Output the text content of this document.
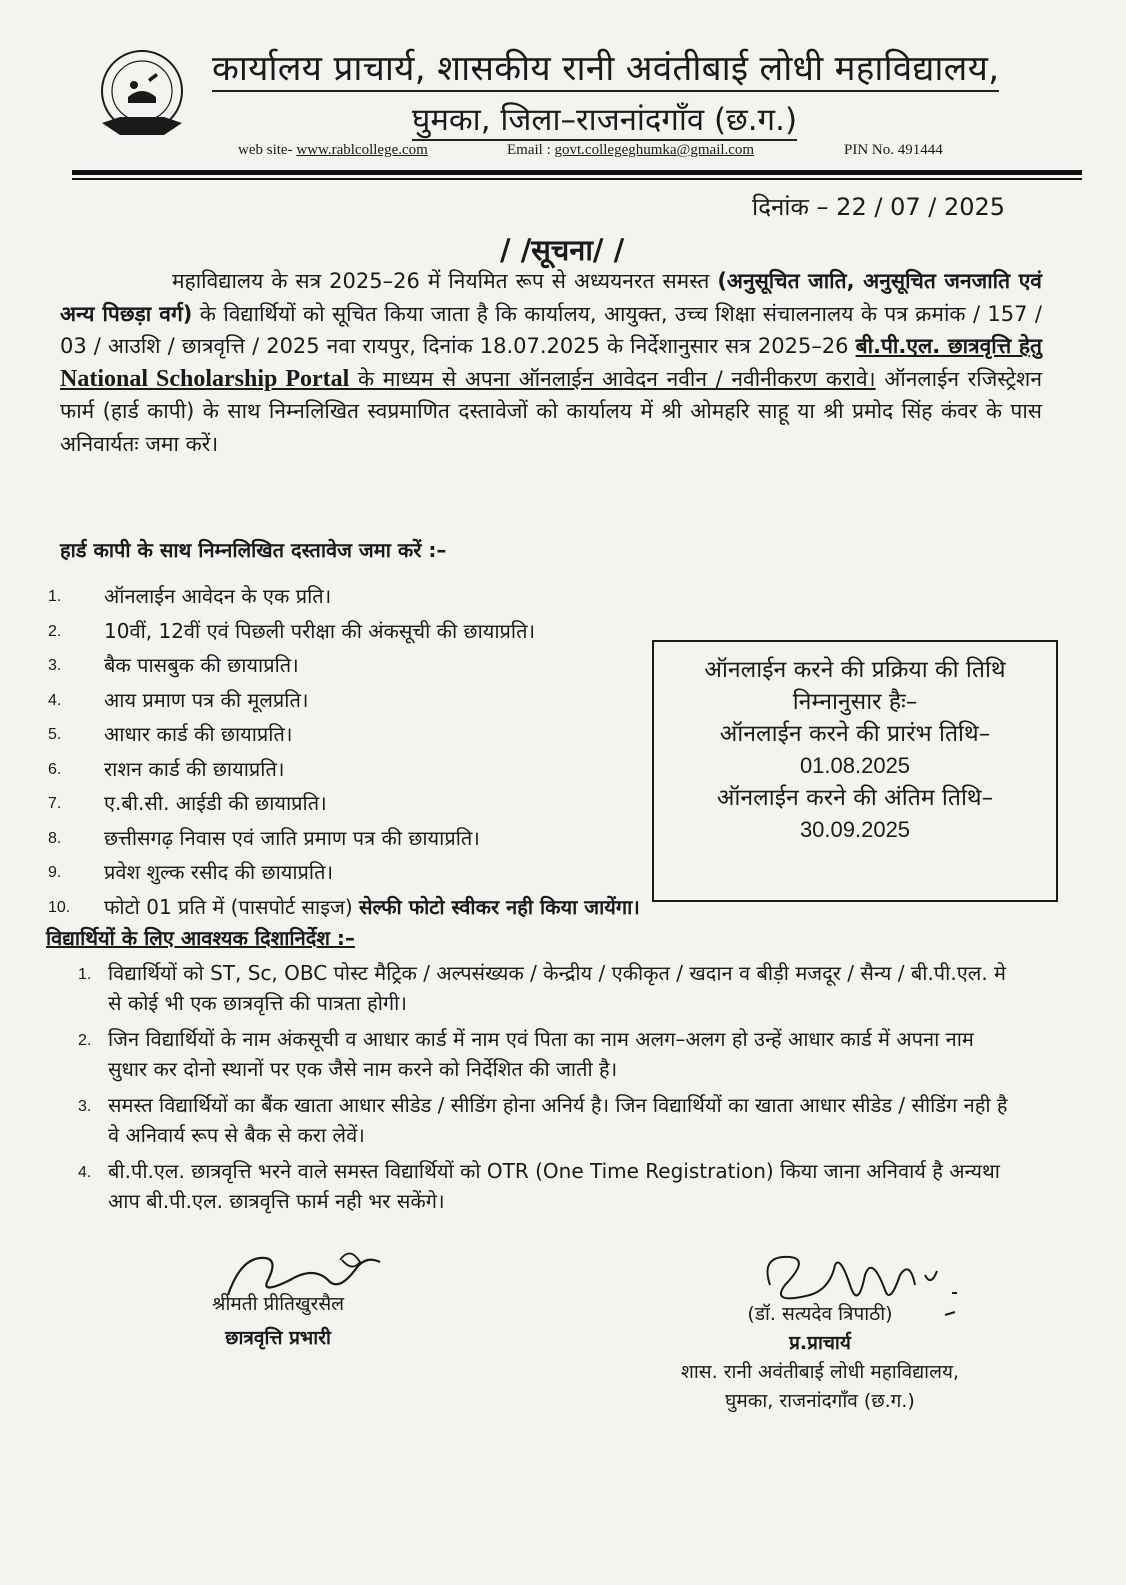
कार्यालय प्राचार्य, शासकीय रानी अवंतीबाई लोधी महाविद्यालय,
घुमका, जिला–राजनांदगाँव (छ.ग.)
web site- www.rablcollege.com	Email : govt.collegeghumka@gmail.com	PIN No. 491444
दिनांक – 22 / 07 / 2025
/ /सूचना/ /
महाविद्यालय के सत्र 2025–26 में नियमित रूप से अध्ययनरत समस्त (अनुसूचित जाति, अनुसूचित जनजाति एवं अन्य पिछड़ा वर्ग) के विद्यार्थियों को सूचित किया जाता है कि कार्यालय, आयुक्त, उच्च शिक्षा संचालनालय के पत्र क्रमांक / 157 / 03 / आउशि / छात्रवृत्ति / 2025 नवा रायपुर, दिनांक 18.07.2025 के निर्देशानुसार सत्र 2025–26 बी.पी.एल. छात्रवृत्ति हेतु National Scholarship Portal के माध्यम से अपना ऑनलाईन आवेदन नवीन / नवीनीकरण करावे। ऑनलाईन रजिस्ट्रेशन फार्म (हार्ड कापी) के साथ निम्नलिखित स्वप्रमाणित दस्तावेजों को कार्यालय में श्री ओमहरि साहू या श्री प्रमोद सिंह कंवर के पास अनिवार्यतः जमा करें।
हार्ड कापी के साथ निम्नलिखित दस्तावेज जमा करें :–
1. ऑनलाईन आवेदन के एक प्रति।
2. 10वीं, 12वीं एवं पिछली परीक्षा की अंकसूची की छायाप्रति।
3. बैक पासबुक की छायाप्रति।
4. आय प्रमाण पत्र की मूलप्रति।
5. आधार कार्ड की छायाप्रति।
6. राशन कार्ड की छायाप्रति।
7. ए.बी.सी. आईडी की छायाप्रति।
8. छत्तीसगढ़ निवास एवं जाति प्रमाण पत्र की छायाप्रति।
9. प्रवेश शुल्क रसीद की छायाप्रति।
10. फोटो 01 प्रति में (पासपोर्ट साइज) सेल्फी फोटो स्वीकर नही किया जायेंगा।
ऑनलाईन करने की प्रक्रिया की तिथि
निम्नानुसार हैः–
ऑनलाईन करने की प्रारंभ तिथि–
01.08.2025
ऑनलाईन करने की अंतिम तिथि–
30.09.2025
विद्यार्थियों के लिए आवश्यक दिशानिर्देश :–
1. विद्यार्थियों को ST, Sc, OBC पोस्ट मैट्रिक / अल्पसंख्यक / केन्द्रीय / एकीकृत / खदान व बीड़ी मजदूर / सैन्य / बी.पी.एल. मे से कोई भी एक छात्रवृत्ति की पात्रता होगी।
2. जिन विद्यार्थियों के नाम अंकसूची व आधार कार्ड में नाम एवं पिता का नाम अलग–अलग हो उन्हें आधार कार्ड में अपना नाम सुधार कर दोनो स्थानों पर एक जैसे नाम करने को निर्देशित की जाती है।
3. समस्त विद्यार्थियों का बैंक खाता आधार सीडेड / सीडिंग होना अनिर्य है। जिन विद्यार्थियों का खाता आधार सीडेड / सीडिंग नही है वे अनिवार्य रूप से बैक से करा लेवें।
4. बी.पी.एल. छात्रवृत्ति भरने वाले समस्त विद्यार्थियों को OTR (One Time Registration) किया जाना अनिवार्य है अन्यथा आप बी.पी.एल. छात्रवृत्ति फार्म नही भर सकेंगे।
श्रीमती प्रीतिखुरसैल
छात्रवृत्ति प्रभारी
(डॉ. सत्यदेव त्रिपाठी)
प्र.प्राचार्य
शास. रानी अवंतीबाई लोधी महाविद्यालय,
घुमका, राजनांदगाँव (छ.ग.)
